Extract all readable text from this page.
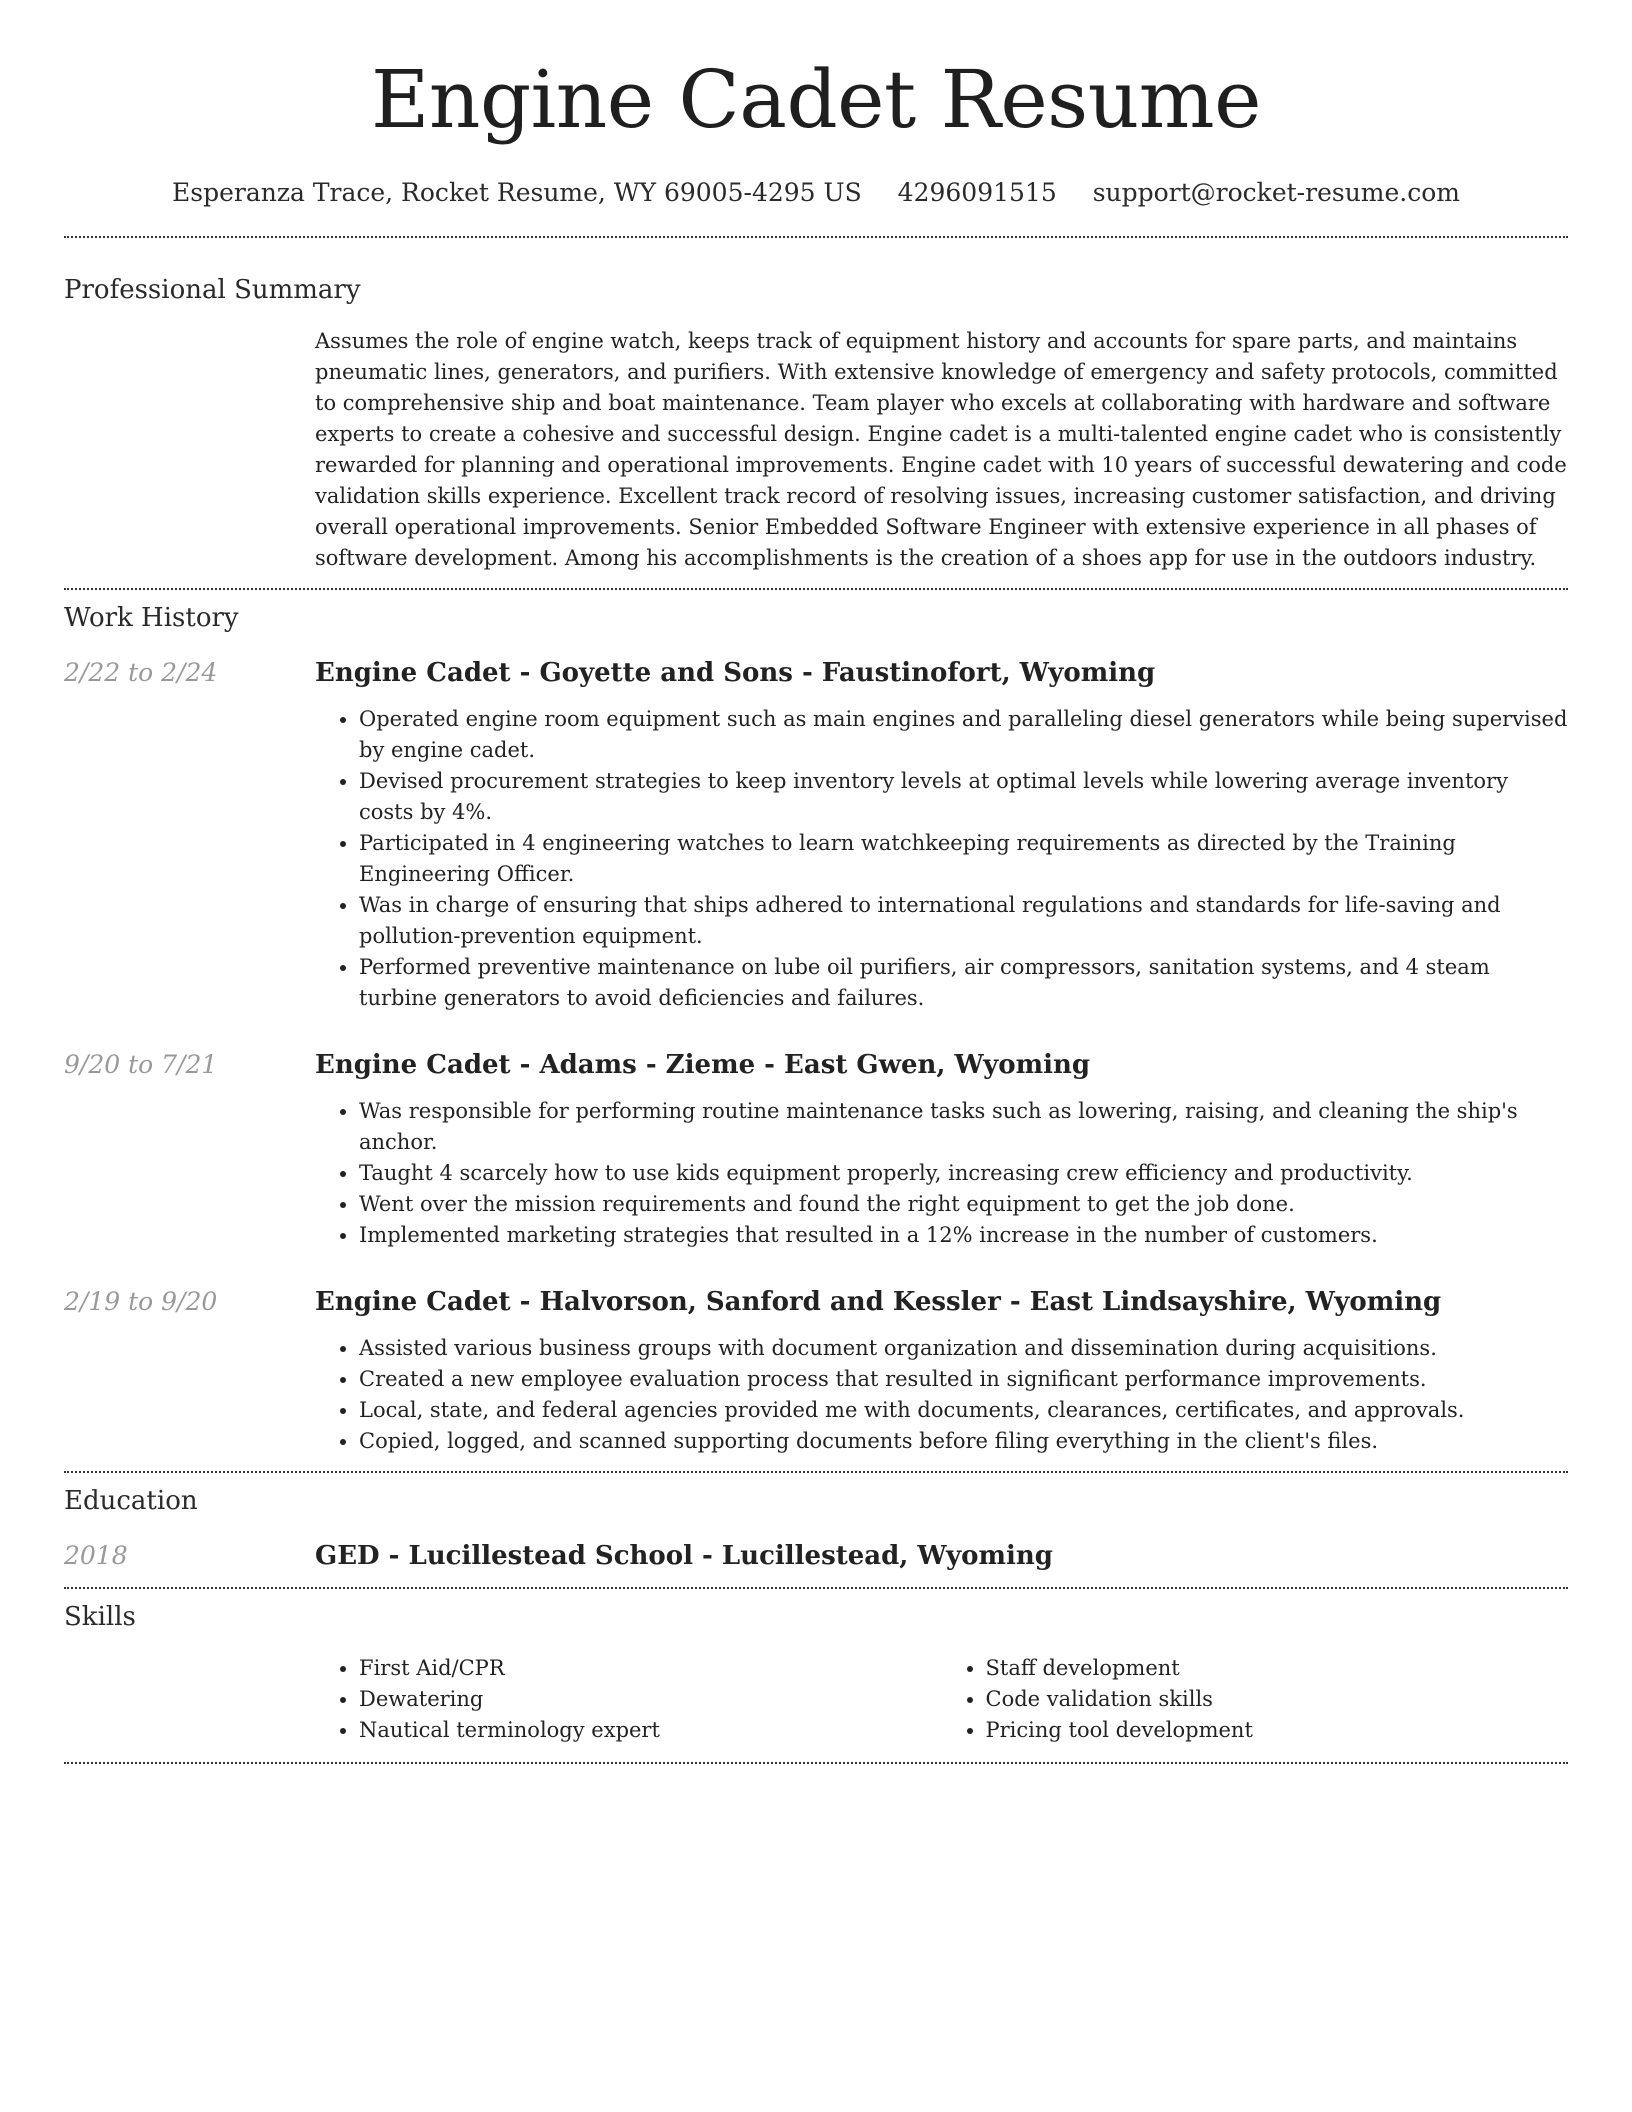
Engine Cadet Resume
Esperanza Trace, Rocket Resume, WY 69005-4295 US 4296091515 support@rocket-resume.com
Professional Summary

Assumes the role of engine watch, keeps track of equipment history and accounts for spare parts, and maintains pneumatic lines, generators, and purifiers. With extensive knowledge of emergency and safety protocols, committed to comprehensive ship and boat maintenance. Team player who excels at collaborating with hardware and software experts to create a cohesive and successful design. Engine cadet is a multi-talented engine cadet who is consistently rewarded for planning and operational improvements. Engine cadet with 10 years of successful dewatering and code validation skills experience. Excellent track record of resolving issues, increasing customer satisfaction, and driving overall operational improvements. Senior Embedded Software Engineer with extensive experience in all phases of software development. Among his accomplishments is the creation of a shoes app for use in the outdoors industry.

Work History
2/22 to 2/24	Engine Cadet - Goyette and Sons - Faustinofort, Wyoming
• Operated engine room equipment such as main engines and paralleling diesel generators while being supervised by engine cadet.
• Devised procurement strategies to keep inventory levels at optimal levels while lowering average inventory costs by 4%.
• Participated in 4 engineering watches to learn watchkeeping requirements as directed by the Training Engineering Officer.
• Was in charge of ensuring that ships adhered to international regulations and standards for life-saving and pollution-prevention equipment.
• Performed preventive maintenance on lube oil purifiers, air compressors, sanitation systems, and 4 steam turbine generators to avoid deficiencies and failures.
9/20 to 7/21	Engine Cadet - Adams - Zieme - East Gwen, Wyoming
• Was responsible for performing routine maintenance tasks such as lowering, raising, and cleaning the ship's anchor.
• Taught 4 scarcely how to use kids equipment properly, increasing crew efficiency and productivity.
• Went over the mission requirements and found the right equipment to get the job done.
• Implemented marketing strategies that resulted in a 12% increase in the number of customers.
2/19 to 9/20	Engine Cadet - Halvorson, Sanford and Kessler - East Lindsayshire, Wyoming
• Assisted various business groups with document organization and dissemination during acquisitions.
• Created a new employee evaluation process that resulted in significant performance improvements.
• Local, state, and federal agencies provided me with documents, clearances, certificates, and approvals.
• Copied, logged, and scanned supporting documents before filing everything in the client's files.
Education
2018	GED - Lucillestead School - Lucillestead, Wyoming
Skills
• First Aid/CPR
• Dewatering
• Nautical terminology expert
• Staff development
• Code validation skills
• Pricing tool development
